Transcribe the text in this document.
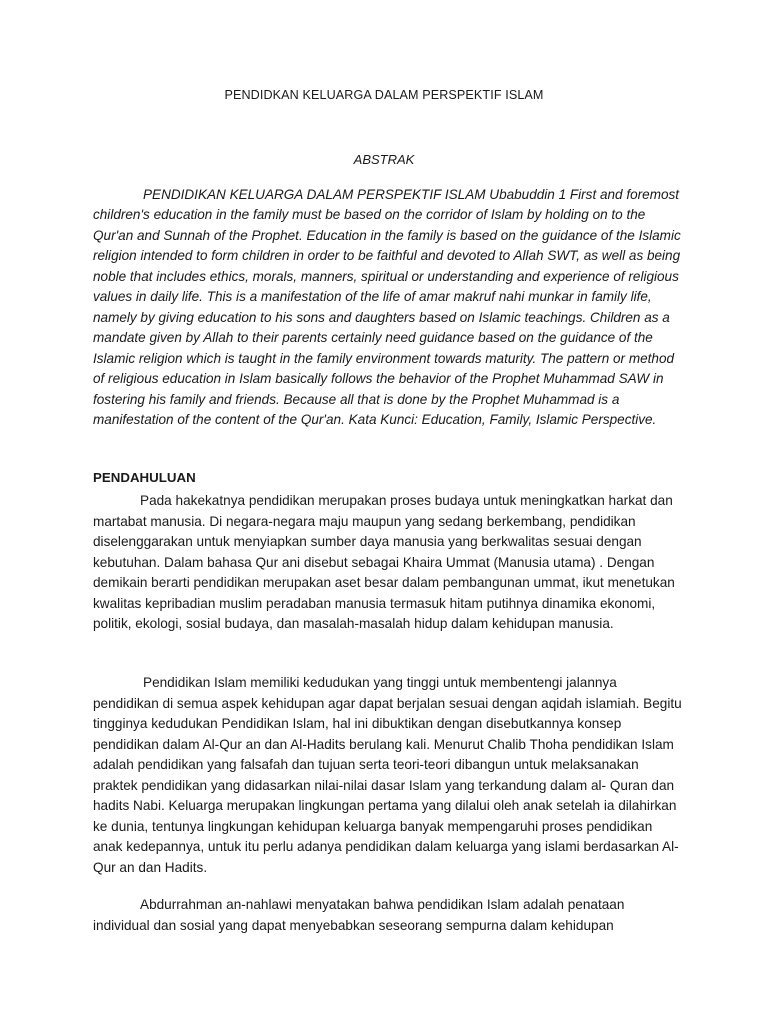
PENDIDKAN KELUARGA DALAM PERSPEKTIF ISLAM
ABSTRAK

PENDIDIKAN KELUARGA DALAM PERSPEKTIF ISLAM Ubabuddin 1 First and foremost children's education in the family must be based on the corridor of Islam by holding on to the Qur'an and Sunnah of the Prophet. Education in the family is based on the guidance of the Islamic religion intended to form children in order to be faithful and devoted to Allah SWT, as well as being noble that includes ethics, morals, manners, spiritual or understanding and experience of religious values in daily life. This is a manifestation of the life of amar makruf nahi munkar in family life, namely by giving education to his sons and daughters based on Islamic teachings. Children as a mandate given by Allah to their parents certainly need guidance based on the guidance of the Islamic religion which is taught in the family environment towards maturity. The pattern or method of religious education in Islam basically follows the behavior of the Prophet Muhammad SAW in fostering his family and friends. Because all that is done by the Prophet Muhammad is a manifestation of the content of the Qur'an. Kata Kunci: Education, Family, Islamic Perspective.

PENDAHULUAN

Pada hakekatnya pendidikan merupakan proses budaya untuk meningkatkan harkat dan martabat manusia. Di negara-negara maju maupun yang sedang berkembang, pendidikan diselenggarakan untuk menyiapkan sumber daya manusia yang berkwalitas sesuai dengan kebutuhan. Dalam bahasa Qur ani disebut sebagai Khaira Ummat (Manusia utama) . Dengan demikain berarti pendidikan merupakan aset besar dalam pembangunan ummat, ikut menetukan kwalitas kepribadian muslim peradaban manusia termasuk hitam putihnya dinamika ekonomi, politik, ekologi, sosial budaya, dan masalah-masalah hidup dalam kehidupan manusia.

Pendidikan Islam memiliki kedudukan yang tinggi untuk membentengi jalannya pendidikan di semua aspek kehidupan agar dapat berjalan sesuai dengan aqidah islamiah. Begitu tingginya kedudukan Pendidikan Islam, hal ini dibuktikan dengan disebutkannya konsep pendidikan dalam Al-Qur an dan Al-Hadits berulang kali. Menurut Chalib Thoha pendidikan Islam adalah pendidikan yang falsafah dan tujuan serta teori-teori dibangun untuk melaksanakan praktek pendidikan yang didasarkan nilai-nilai dasar Islam yang terkandung dalam al- Quran dan hadits Nabi. Keluarga merupakan lingkungan pertama yang dilalui oleh anak setelah ia dilahirkan ke dunia, tentunya lingkungan kehidupan keluarga banyak mempengaruhi proses pendidikan anak kedepannya, untuk itu perlu adanya pendidikan dalam keluarga yang islami berdasarkan Al-Qur an dan Hadits.

Abdurrahman an-nahlawi menyatakan bahwa pendidikan Islam adalah penataan individual dan sosial yang dapat menyebabkan seseorang sempurna dalam kehidupan
